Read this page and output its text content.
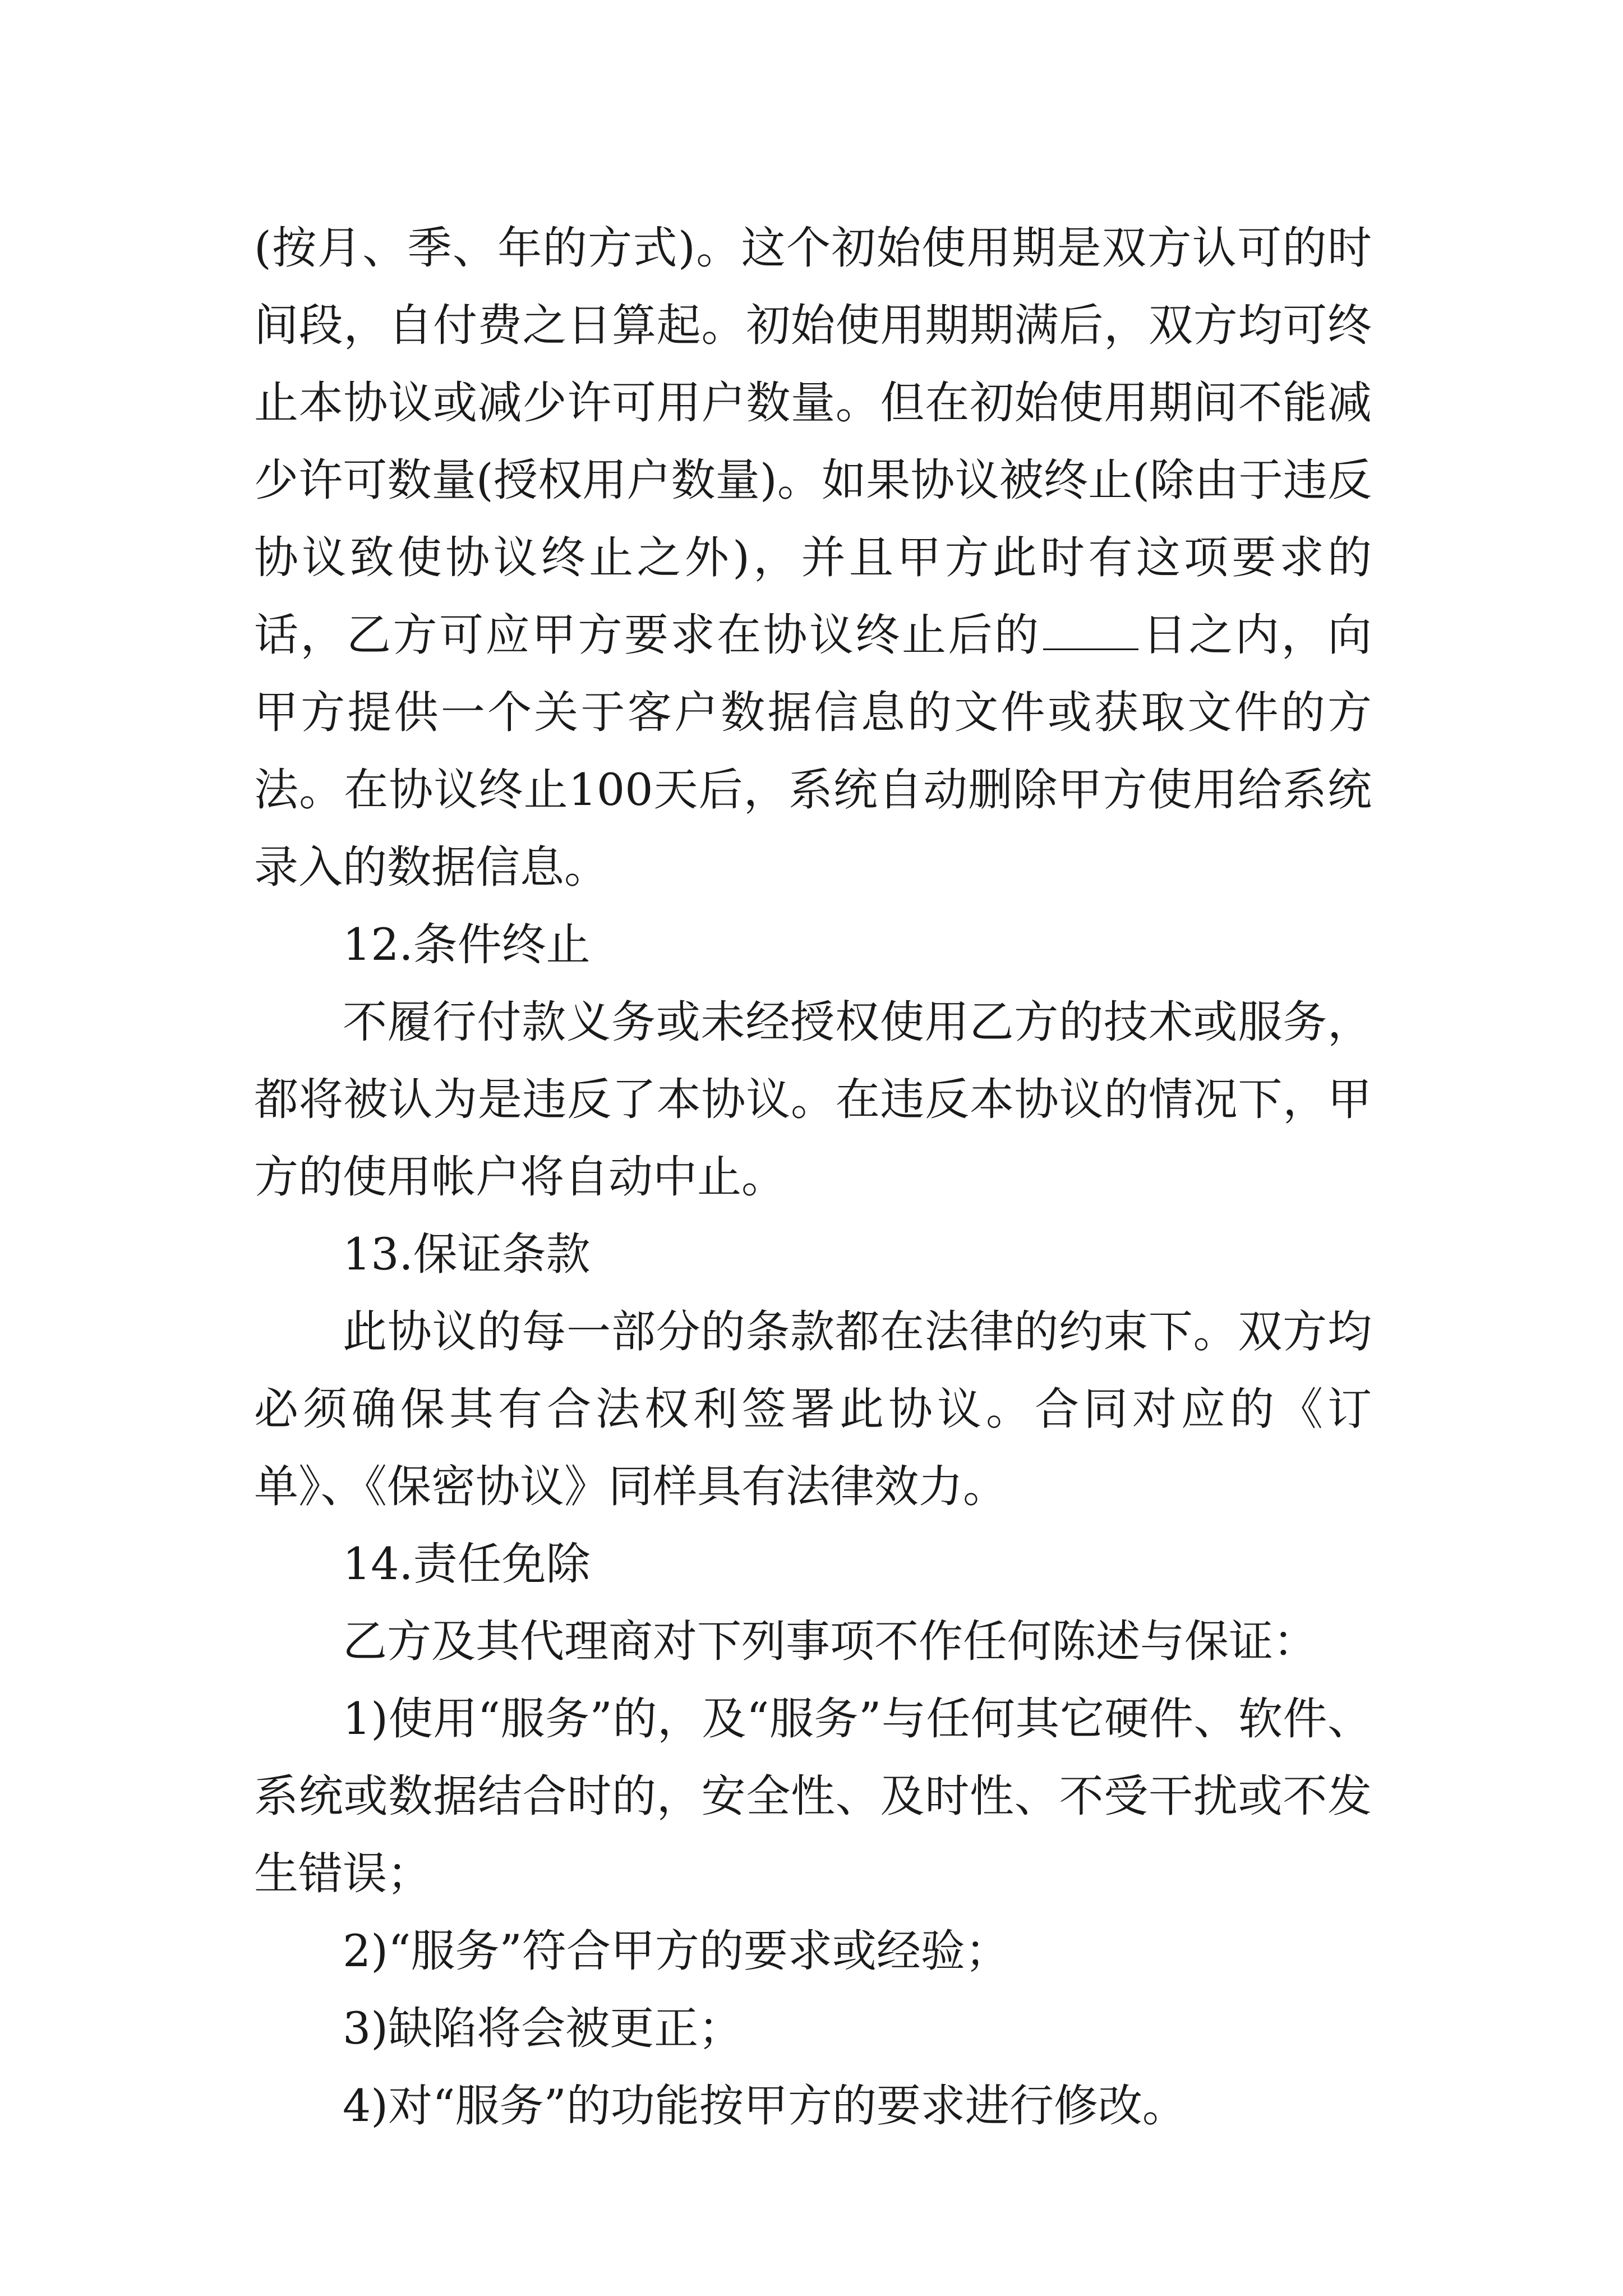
(按月、季、年的方式)。这个初始使用期是双方认可的时间段，自付费之日算起。初始使用期期满后，双方均可终止本协议或减少许可用户数量。但在初始使用期间不能减少许可数量(授权用户数量)。如果协议被终止(除由于违反协议致使协议终止之外)，并且甲方此时有这项要求的话，乙方可应甲方要求在协议终止后的 日之内，向甲方提供一个关于客户数据信息的文件或获取文件的方法。在协议终止100天后，系统自动删除甲方使用给系统录入的数据信息。

12.条件终止

不履行付款义务或未经授权使用乙方的技术或服务，都将被认为是违反了本协议。在违反本协议的情况下，甲方的使用帐户将自动中止。

13.保证条款

此协议的每一部分的条款都在法律的约束下。双方均必须确保其有合法权利签署此协议。合同对应的《订单》、《保密协议》同样具有法律效力。

14.责任免除

乙方及其代理商对下列事项不作任何陈述与保证：

1)使用“服务”的，及“服务”与任何其它硬件、软件、系统或数据结合时的，安全性、及时性、不受干扰或不发生错误；

2)“服务”符合甲方的要求或经验；

3)缺陷将会被更正；

4)对“服务”的功能按甲方的要求进行修改。
